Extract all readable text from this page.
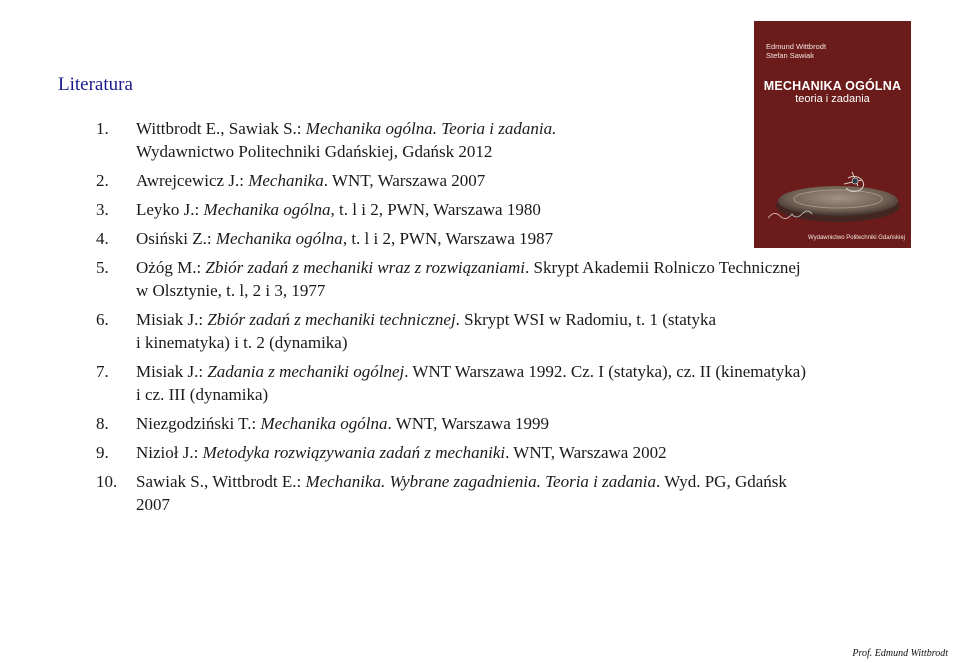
Literatura
1.	Wittbrodt E., Sawiak S.: Mechanika ogólna. Teoria i zadania.
Wydawnictwo Politechniki Gdańskiej, Gdańsk 2012
2.	Awrejcewicz J.: Mechanika. WNT, Warszawa 2007
3.	Leyko J.: Mechanika ogólna, t. l i 2, PWN, Warszawa 1980
4.	Osiński Z.: Mechanika ogólna, t. l i 2, PWN, Warszawa 1987
5.	Ożóg M.: Zbiór zadań z mechaniki wraz z rozwiązaniami. Skrypt Akademii Rolniczo Technicznej
w Olsztynie, t. l, 2 i 3, 1977
6.	Misiak J.: Zbiór zadań z mechaniki technicznej. Skrypt WSI w Radomiu, t. 1 (statyka
i kinematyka) i t. 2 (dynamika)
7.	Misiak J.: Zadania z mechaniki ogólnej. WNT Warszawa 1992. Cz. I (statyka), cz. II (kinematyka)
i cz. III (dynamika)
8.	Niezgodziński T.: Mechanika ogólna. WNT, Warszawa 1999
9.	Nizioł J.: Metodyka rozwiązywania zadań z mechaniki. WNT, Warszawa 2002
10.	Sawiak S., Wittbrodt E.: Mechanika. Wybrane zagadnienia. Teoria i zadania. Wyd. PG, Gdańsk
2007
Edmund Wittbrodt
Stefan Sawiak
MECHANIKA OGÓLNA
teoria i zadania
Wydawnictwo Politechniki Gdańskiej
Prof. Edmund Wittbrodt
